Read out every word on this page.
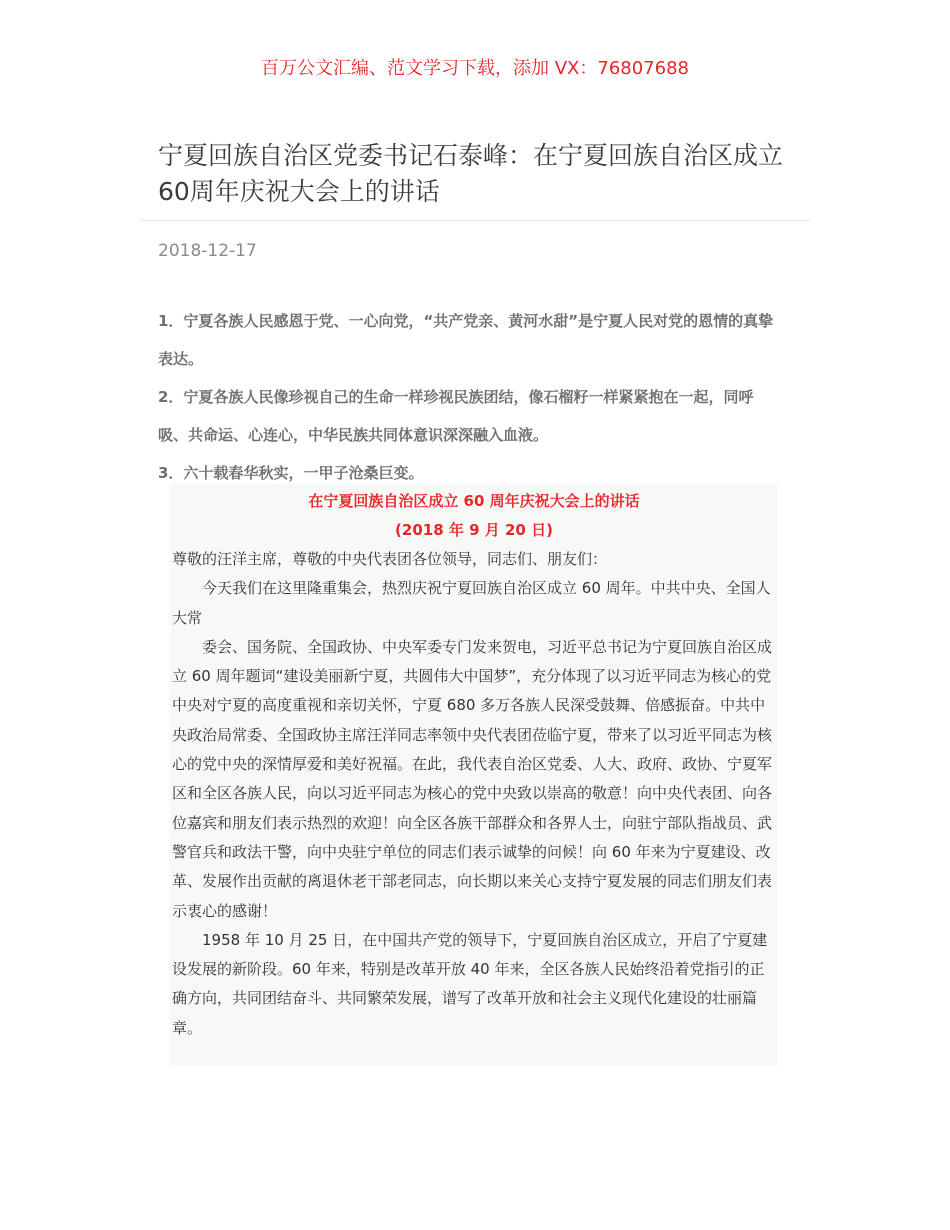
百万公文汇编、范文学习下载，添加 VX：76807688
宁夏回族自治区党委书记石泰峰：在宁夏回族自治区成立60周年庆祝大会上的讲话
2018-12-17

1．宁夏各族人民感恩于党、一心向党，“共产党亲、黄河水甜”是宁夏人民对党的恩情的真挚表达。

2．宁夏各族人民像珍视自己的生命一样珍视民族团结，像石榴籽一样紧紧抱在一起，同呼吸、共命运、心连心，中华民族共同体意识深深融入血液。

3．六十载春华秋实，一甲子沧桑巨变。

在宁夏回族自治区成立 60 周年庆祝大会上的讲话

(2018 年 9 月 20 日)

尊敬的汪洋主席，尊敬的中央代表团各位领导，同志们、朋友们：

今天我们在这里隆重集会，热烈庆祝宁夏回族自治区成立 60 周年。中共中央、全国人大常

委会、国务院、全国政协、中央军委专门发来贺电，习近平总书记为宁夏回族自治区成立 60 周年题词“建设美丽新宁夏，共圆伟大中国梦”，充分体现了以习近平同志为核心的党中央对宁夏的高度重视和亲切关怀，宁夏 680 多万各族人民深受鼓舞、倍感振奋。中共中央政治局常委、全国政协主席汪洋同志率领中央代表团莅临宁夏，带来了以习近平同志为核心的党中央的深情厚爱和美好祝福。在此，我代表自治区党委、人大、政府、政协、宁夏军区和全区各族人民，向以习近平同志为核心的党中央致以崇高的敬意！向中央代表团、向各位嘉宾和朋友们表示热烈的欢迎！向全区各族干部群众和各界人士，向驻宁部队指战员、武警官兵和政法干警，向中央驻宁单位的同志们表示诚挚的问候！向 60 年来为宁夏建设、改革、发展作出贡献的离退休老干部老同志，向长期以来关心支持宁夏发展的同志们朋友们表示衷心的感谢！

1958 年 10 月 25 日，在中国共产党的领导下，宁夏回族自治区成立，开启了宁夏建设发展的新阶段。60 年来，特别是改革开放 40 年来，全区各族人民始终沿着党指引的正确方向，共同团结奋斗、共同繁荣发展，谱写了改革开放和社会主义现代化建设的壮丽篇章。
